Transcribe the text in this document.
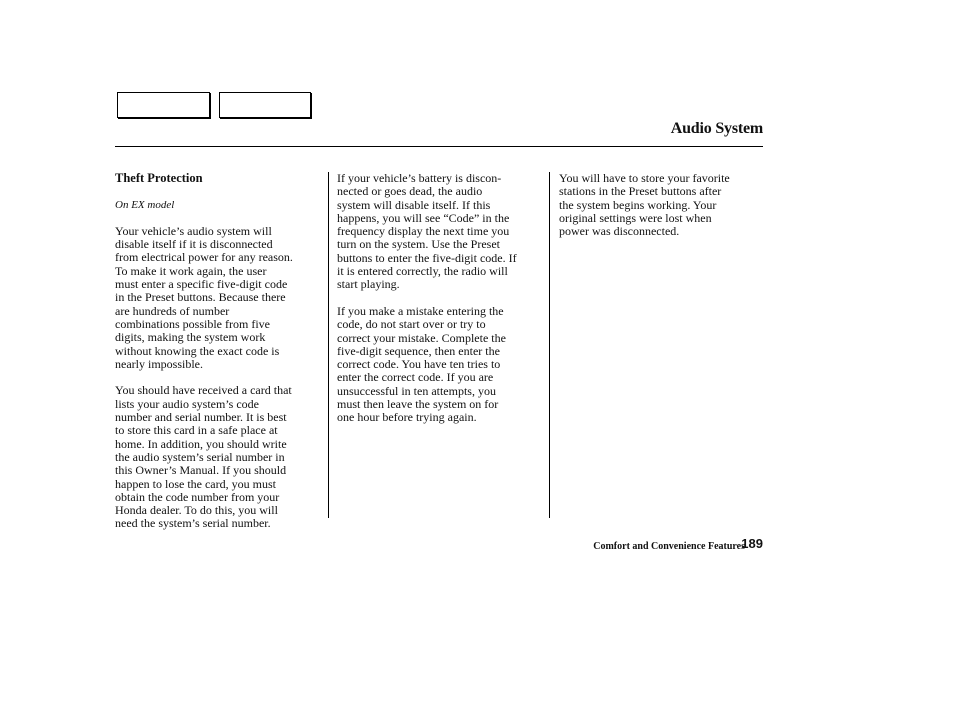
Audio System

Theft Protection

On EX model

Your vehicle’s audio system will
disable itself if it is disconnected
from electrical power for any reason.
To make it work again, the user
must enter a specific five-digit code
in the Preset buttons. Because there
are hundreds of number
combinations possible from five
digits, making the system work
without knowing the exact code is
nearly impossible.

You should have received a card that
lists your audio system’s code
number and serial number. It is best
to store this card in a safe place at
home. In addition, you should write
the audio system’s serial number in
this Owner’s Manual. If you should
happen to lose the card, you must
obtain the code number from your
Honda dealer. To do this, you will
need the system’s serial number.

If your vehicle’s battery is discon-
nected or goes dead, the audio
system will disable itself. If this
happens, you will see “Code” in the
frequency display the next time you
turn on the system. Use the Preset
buttons to enter the five-digit code. If
it is entered correctly, the radio will
start playing.

If you make a mistake entering the
code, do not start over or try to
correct your mistake. Complete the
five-digit sequence, then enter the
correct code. You have ten tries to
enter the correct code. If you are
unsuccessful in ten attempts, you
must then leave the system on for
one hour before trying again.

You will have to store your favorite
stations in the Preset buttons after
the system begins working. Your
original settings were lost when
power was disconnected.

Comfort and Convenience Features
189
